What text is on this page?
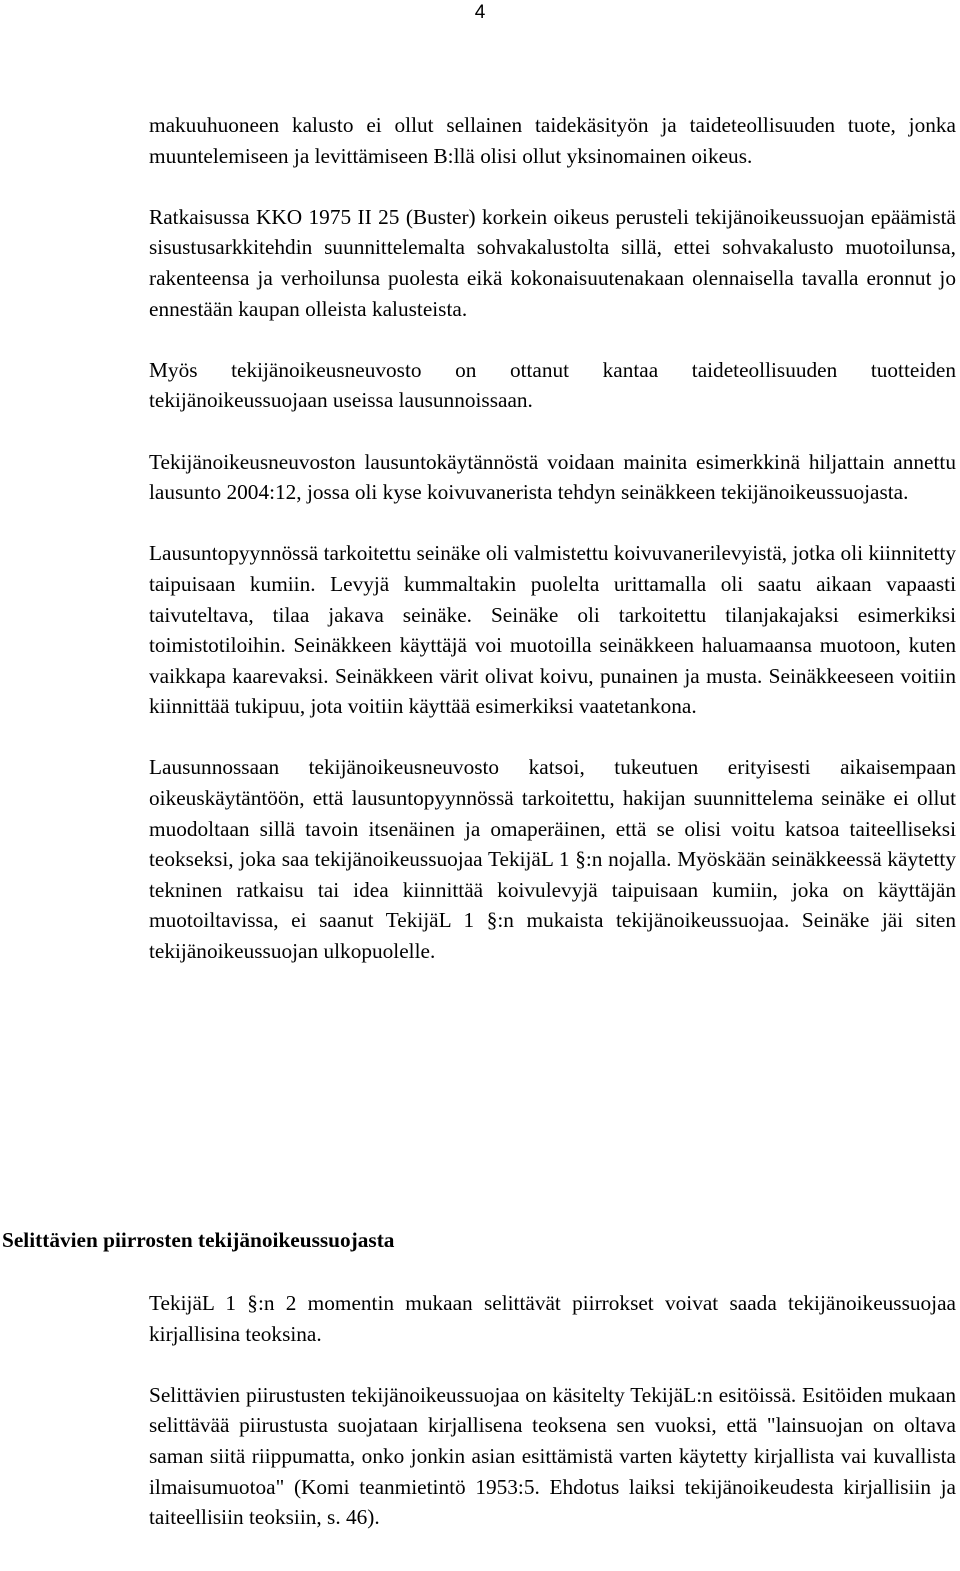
4

makuuhuoneen kalusto ei ollut sellainen taidekäsityön ja taideteollisuuden tuote, jonka muuntelemiseen ja levittämiseen B:llä olisi ollut yksinomainen oikeus.

Ratkaisussa KKO 1975 II 25 (Buster) korkein oikeus perusteli tekijänoikeussuojan epäämistä sisustusarkkitehdin suunnittelemalta sohvakalustolta sillä, ettei sohvakalusto muotoilunsa, rakenteensa ja verhoilunsa puolesta eikä kokonaisuutenakaan olennaisella tavalla eronnut jo ennestään kaupan olleista kalusteista.

Myös tekijänoikeusneuvosto on ottanut kantaa taideteollisuuden tuotteiden tekijänoikeussuojaan useissa lausunnoissaan.

Tekijänoikeusneuvoston lausuntokäytännöstä voidaan mainita esimerkkinä hiljattain annettu lausunto 2004:12, jossa oli kyse koivuvanerista tehdyn seinäkkeen tekijänoikeussuojasta.

Lausuntopyynnössä tarkoitettu seinäke oli valmistettu koivuvanerilevyistä, jotka oli kiinnitetty taipuisaan kumiin. Levyjä kummaltakin puolelta urittamalla oli saatu aikaan vapaasti taivuteltava, tilaa jakava seinäke. Seinäke oli tarkoitettu tilanjakajaksi esimerkiksi toimistotiloihin. Seinäkkeen käyttäjä voi muotoilla seinäkkeen haluamaansa muotoon, kuten vaikkapa kaarevaksi. Seinäkkeen värit olivat koivu, punainen ja musta. Seinäkkeeseen voitiin kiinnittää tukipuu, jota voitiin käyttää esimerkiksi vaatetankona.

Lausunnossaan tekijänoikeusneuvosto katsoi, tukeutuen erityisesti aikaisempaan oikeuskäytäntöön, että lausuntopyynnössä tarkoitettu, hakijan suunnittelema seinäke ei ollut muodoltaan sillä tavoin itsenäinen ja omaperäinen, että se olisi voitu katsoa taiteelliseksi teokseksi, joka saa tekijänoikeussuojaa TekijäL 1 §:n nojalla. Myöskään seinäkkeessä käytetty tekninen ratkaisu tai idea kiinnittää koivulevyjä taipuisaan kumiin, joka on käyttäjän muotoiltavissa, ei saanut TekijäL 1 §:n mukaista tekijänoikeussuojaa. Seinäke jäi siten tekijänoikeussuojan ulkopuolelle.

Selittävien piirrosten tekijänoikeussuojasta

TekijäL 1 §:n 2 momentin mukaan selittävät piirrokset voivat saada tekijänoikeussuojaa kirjallisina teoksina.

Selittävien piirustusten tekijänoikeussuojaa on käsitelty TekijäL:n esitöissä. Esitöiden mukaan selittävää piirustusta suojataan kirjallisena teoksena sen vuoksi, että "lainsuojan on oltava saman siitä riippumatta, onko jonkin asian esittämistä varten käytetty kirjallista vai kuvallista ilmaisumuotoa" (Komi teanmietintö 1953:5. Ehdotus laiksi tekijänoikeudesta kirjallisiin ja taiteellisiin teoksiin, s. 46).
